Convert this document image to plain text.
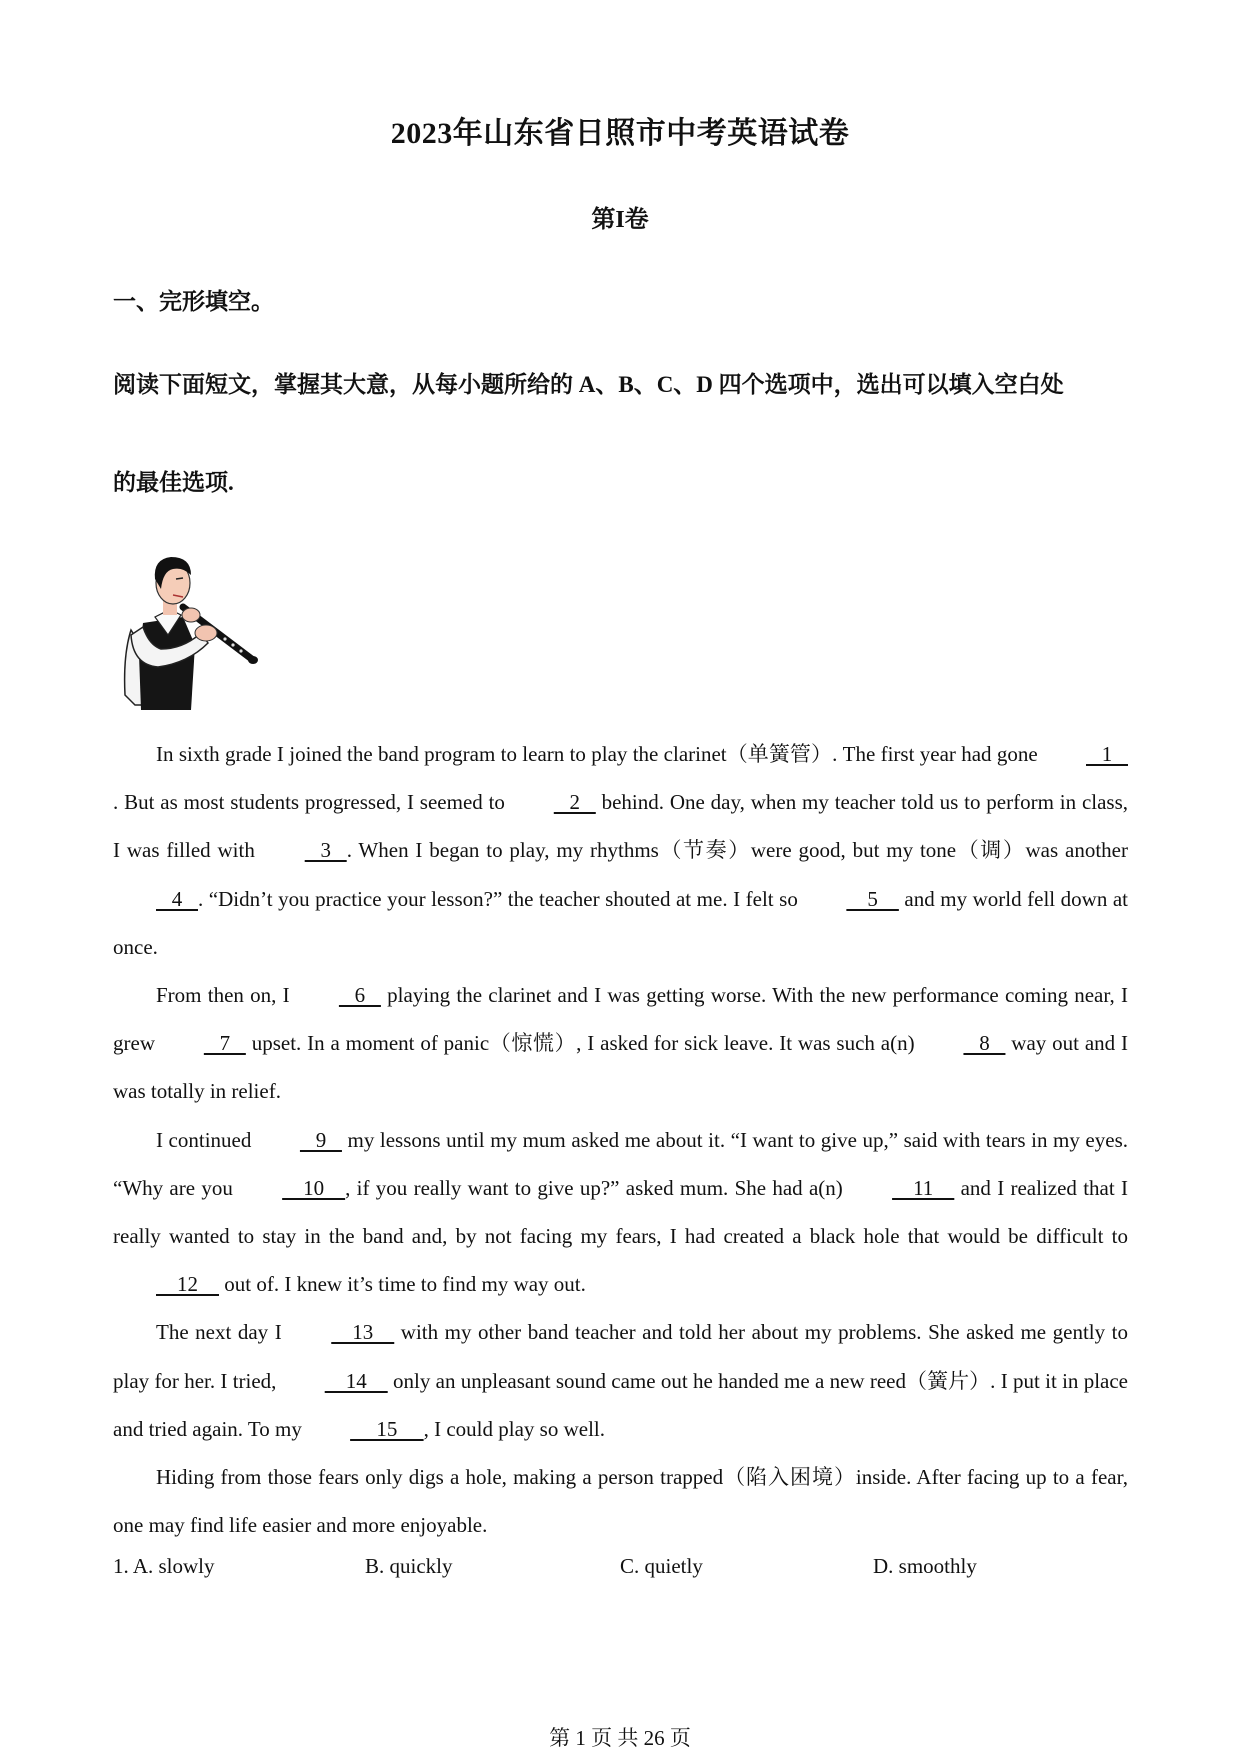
2023年山东省日照市中考英语试卷
第I卷
一、完形填空。
阅读下面短文，掌握其大意，从每小题所给的 A、B、C、D 四个选项中，选出可以填入空白处
的最佳选项.

In sixth grade I joined the band program to learn to play the clarinet（单簧管）. The first year had gone    1   . But as most students progressed, I seemed to    2    behind. One day, when my teacher told us to perform in class, I was filled with    3   . When I began to play, my rhythms（节奏）were good, but my tone（调）was another    4   . “Didn’t you practice your lesson?” the teacher shouted at me. I felt so     5     and my world fell down at once.

From then on, I    6    playing the clarinet and I was getting worse. With the new performance coming near, I grew    7    upset. In a moment of panic（惊慌）, I asked for sick leave. It was such a(n)    8    way out and I was totally in relief.

I continued    9    my lessons until my mum asked me about it. “I want to give up,” said with tears in my eyes. “Why are you     10    , if you really want to give up?” asked mum. She had a(n)     11     and I realized that I really wanted to stay in the band and, by not facing my fears, I had created a black hole that would be difficult to     12     out of. I knew it’s time to find my way out.

The next day I     13     with my other band teacher and told her about my problems. She asked me gently to play for her. I tried,     14     only an unpleasant sound came out he handed me a new reed（簧片）. I put it in place and tried again. To my      15     , I could play so well.

Hiding from those fears only digs a hole, making a person trapped（陷入困境）inside. After facing up to a fear, one may find life easier and more enjoyable.

1. A. slowly	B. quickly	C. quietly	D. smoothly
第 1 页 共 26 页
